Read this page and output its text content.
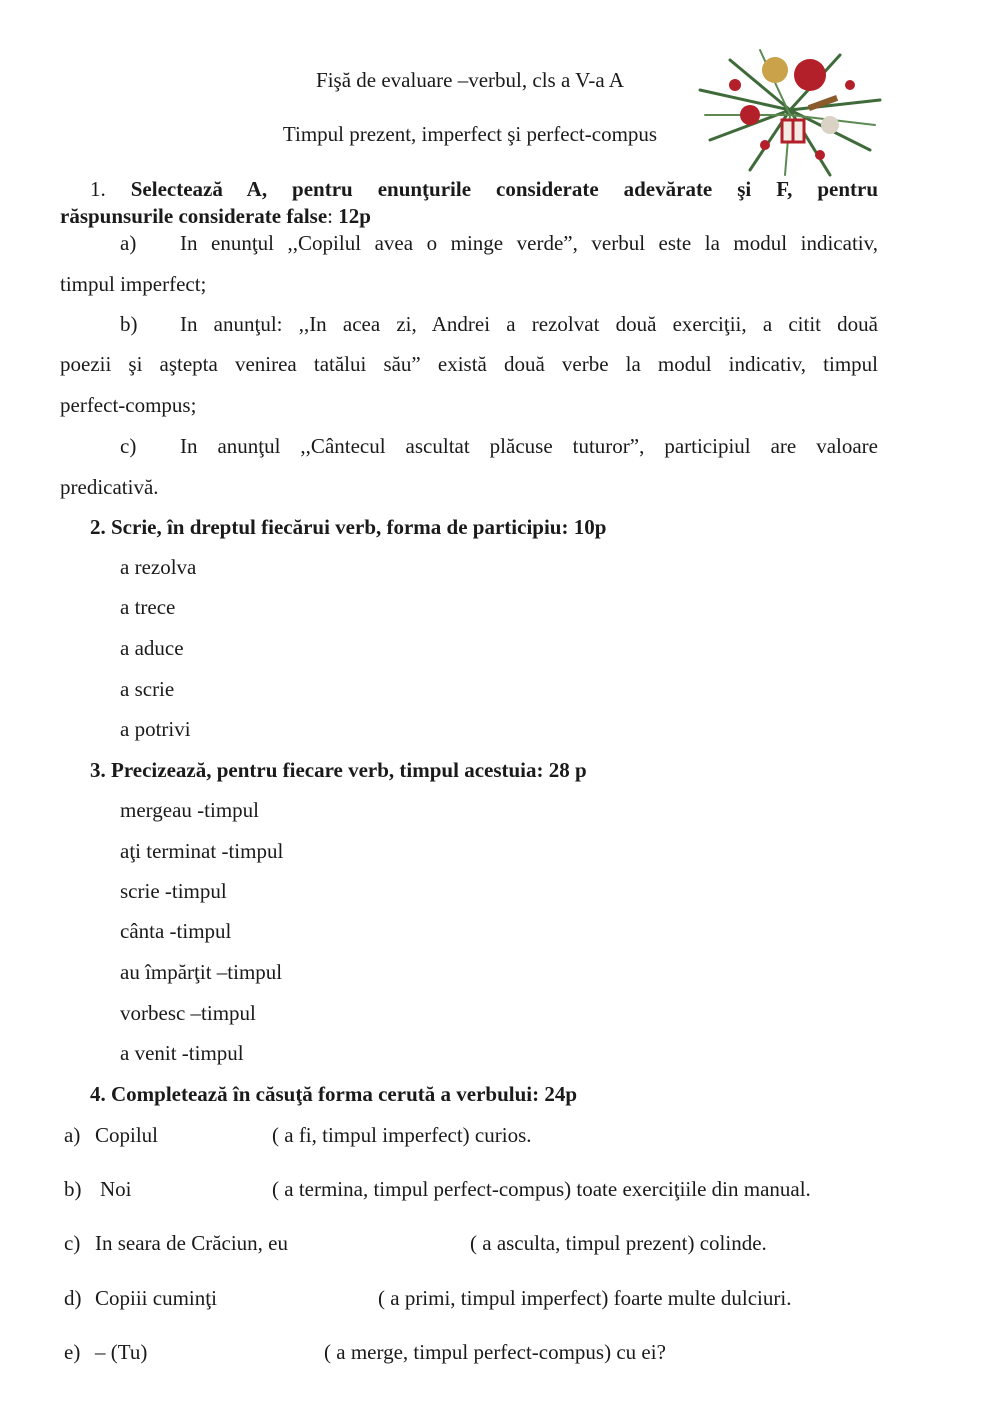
Fişă de evaluare –verbul, cls a V-a A
Timpul prezent, imperfect şi perfect-compus
1. Selectează A, pentru enunţurile considerate adevărate şi F, pentru
răspunsurile considerate false: 12p
a) In enunţul ,,Copilul avea o minge verde”, verbul este la modul indicativ,
timpul imperfect;
b) In anunţul: ,,In acea zi, Andrei a rezolvat două exerciţii, a citit două
poezii şi aştepta venirea tatălui său” există două verbe la modul indicativ, timpul
perfect-compus;
c) In anunţul ,,Cântecul ascultat plăcuse tuturor”, participiul are valoare
predicativă.
2. Scrie, în dreptul fiecărui verb, forma de participiu: 10p
a rezolva
a trece
a aduce
a scrie
a potrivi
3. Precizează, pentru fiecare verb, timpul acestuia: 28 p
mergeau -timpul
aţi terminat -timpul
scrie -timpul
cânta -timpul
au împărţit –timpul
vorbesc –timpul
a venit -timpul
4. Completează în căsuţă forma cerută a verbului: 24p
a) Copilul	( a fi, timpul imperfect) curios.
b) Noi	( a termina, timpul perfect-compus) toate exerciţiile din manual.
c) In seara de Crăciun, eu	( a asculta, timpul prezent) colinde.
d) Copiii cuminţi	( a primi, timpul imperfect) foarte multe dulciuri.
e) – (Tu)	( a merge, timpul perfect-compus) cu ei?
